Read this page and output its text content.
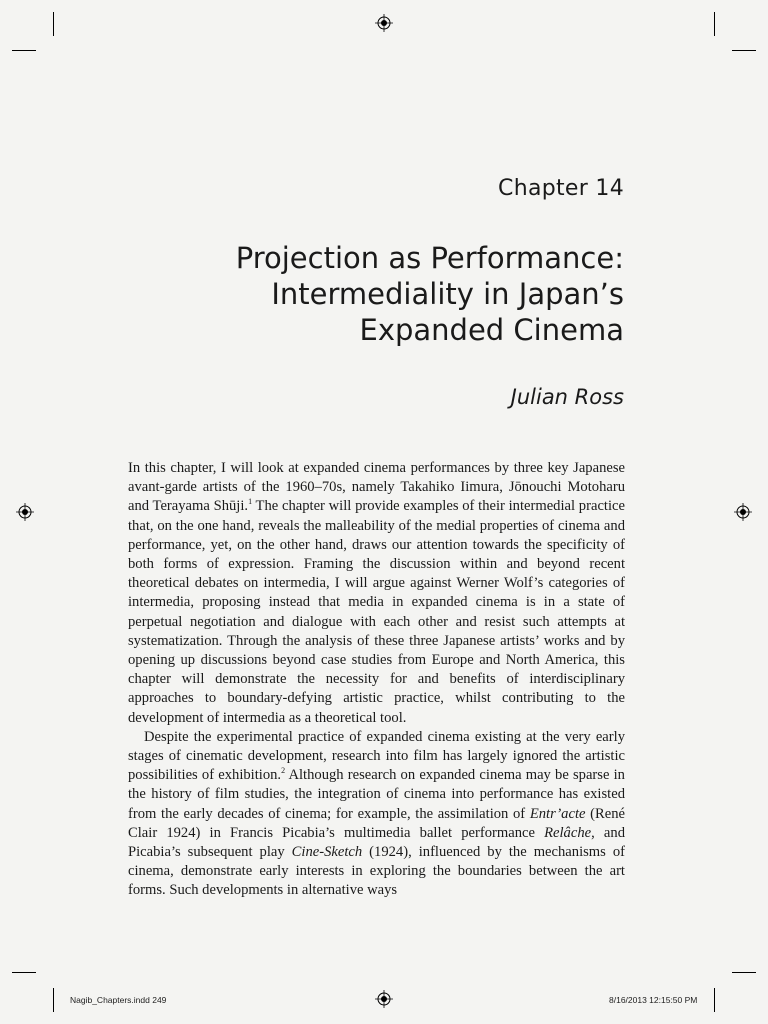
Chapter 14
Projection as Performance:
Intermediality in Japan’s
Expanded Cinema
Julian Ross

In this chapter, I will look at expanded cinema performances by three key Japanese avant-garde artists of the 1960–70s, namely Takahiko Iimura, Jōnouchi Motoharu and Terayama Shūji.$^1$ The chapter will provide examples of their intermedial practice that, on the one hand, reveals the malleability of the medial properties of cinema and performance, yet, on the other hand, draws our attention towards the specificity of both forms of expression. Framing the discussion within and beyond recent theoretical debates on intermedia, I will argue against Werner Wolf’s categories of intermedia, proposing instead that media in expanded cinema is in a state of perpetual negotiation and dialogue with each other and resist such attempts at systematization. Through the analysis of these three Japanese artists’ works and by opening up discussions beyond case studies from Europe and North America, this chapter will demonstrate the necessity for and benefits of interdisciplinary approaches to boundary-defying artistic practice, whilst contributing to the development of intermedia as a theoretical tool.

Despite the experimental practice of expanded cinema existing at the very early stages of cinematic development, research into film has largely ignored the artistic possibilities of exhibition.$^2$ Although research on expanded cinema may be sparse in the history of film studies, the integration of cinema into performance has existed from the early decades of cinema; for example, the assimilation of Entr’acte (René Clair 1924) in Francis Picabia’s multimedia ballet performance Relâche, and Picabia’s subsequent play Cine-Sketch (1924), influenced by the mechanisms of cinema, demonstrate early interests in exploring the boundaries between the art forms. Such developments in alternative ways

Nagib_Chapters.indd 249	8/16/2013 12:15:50 PM
